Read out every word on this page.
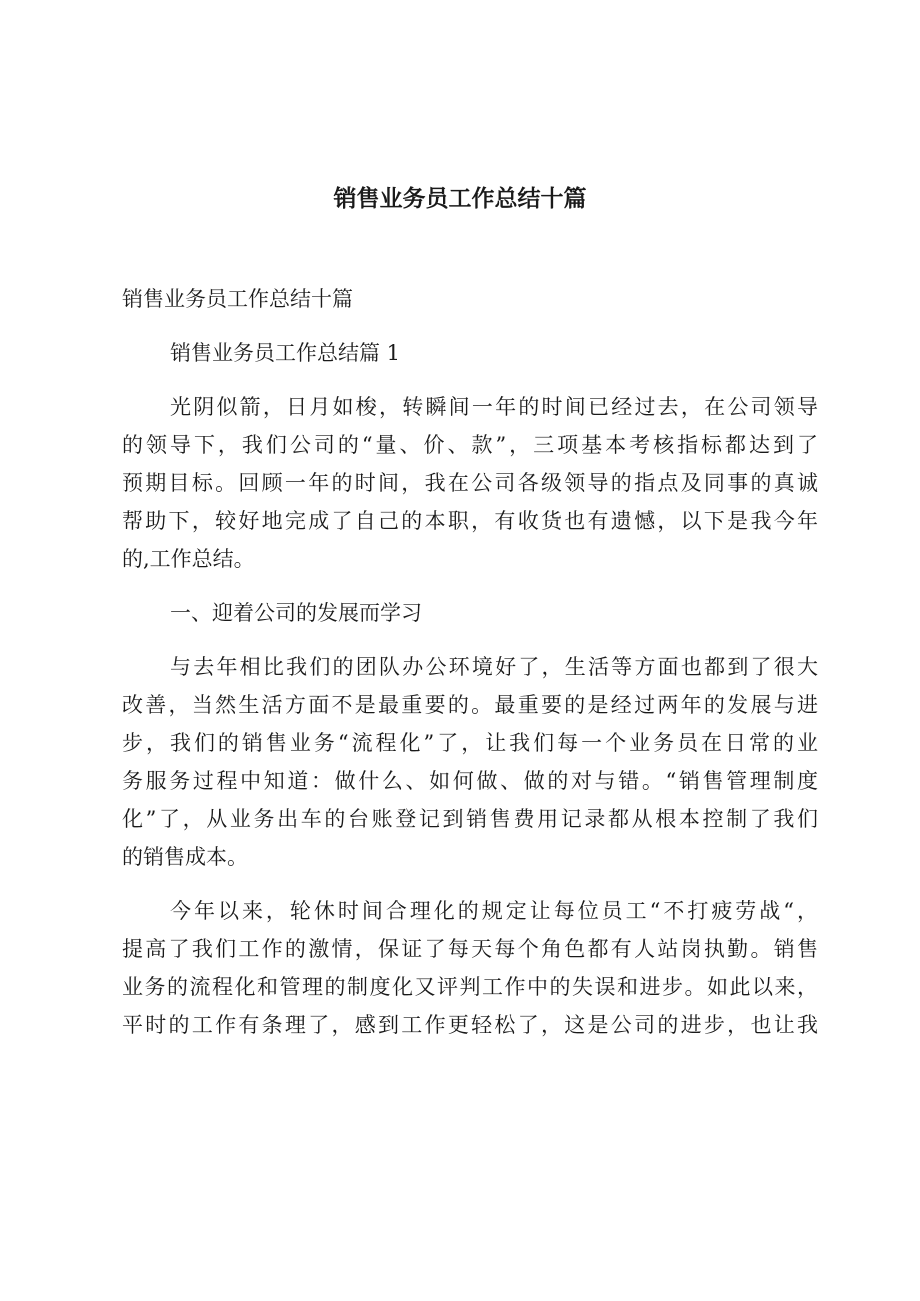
销售业务员工作总结十篇
销售业务员工作总结十篇
销售业务员工作总结篇 1
光阴似箭，日月如梭，转瞬间一年的时间已经过去，在公司领导
的领导下，我们公司的“量、价、款”，三项基本考核指标都达到了
预期目标。回顾一年的时间，我在公司各级领导的指点及同事的真诚
帮助下，较好地完成了自己的本职，有收货也有遗憾，以下是我今年
的,工作总结。
一、迎着公司的发展而学习
与去年相比我们的团队办公环境好了，生活等方面也都到了很大
改善，当然生活方面不是最重要的。最重要的是经过两年的发展与进
步，我们的销售业务“流程化”了，让我们每一个业务员在日常的业
务服务过程中知道：做什么、如何做、做的对与错。“销售管理制度
化”了，从业务出车的台账登记到销售费用记录都从根本控制了我们
的销售成本。
今年以来，轮休时间合理化的规定让每位员工“不打疲劳战“，
提高了我们工作的激情，保证了每天每个角色都有人站岗执勤。销售
业务的流程化和管理的制度化又评判工作中的失误和进步。如此以来，
平时的工作有条理了，感到工作更轻松了，这是公司的进步，也让我
